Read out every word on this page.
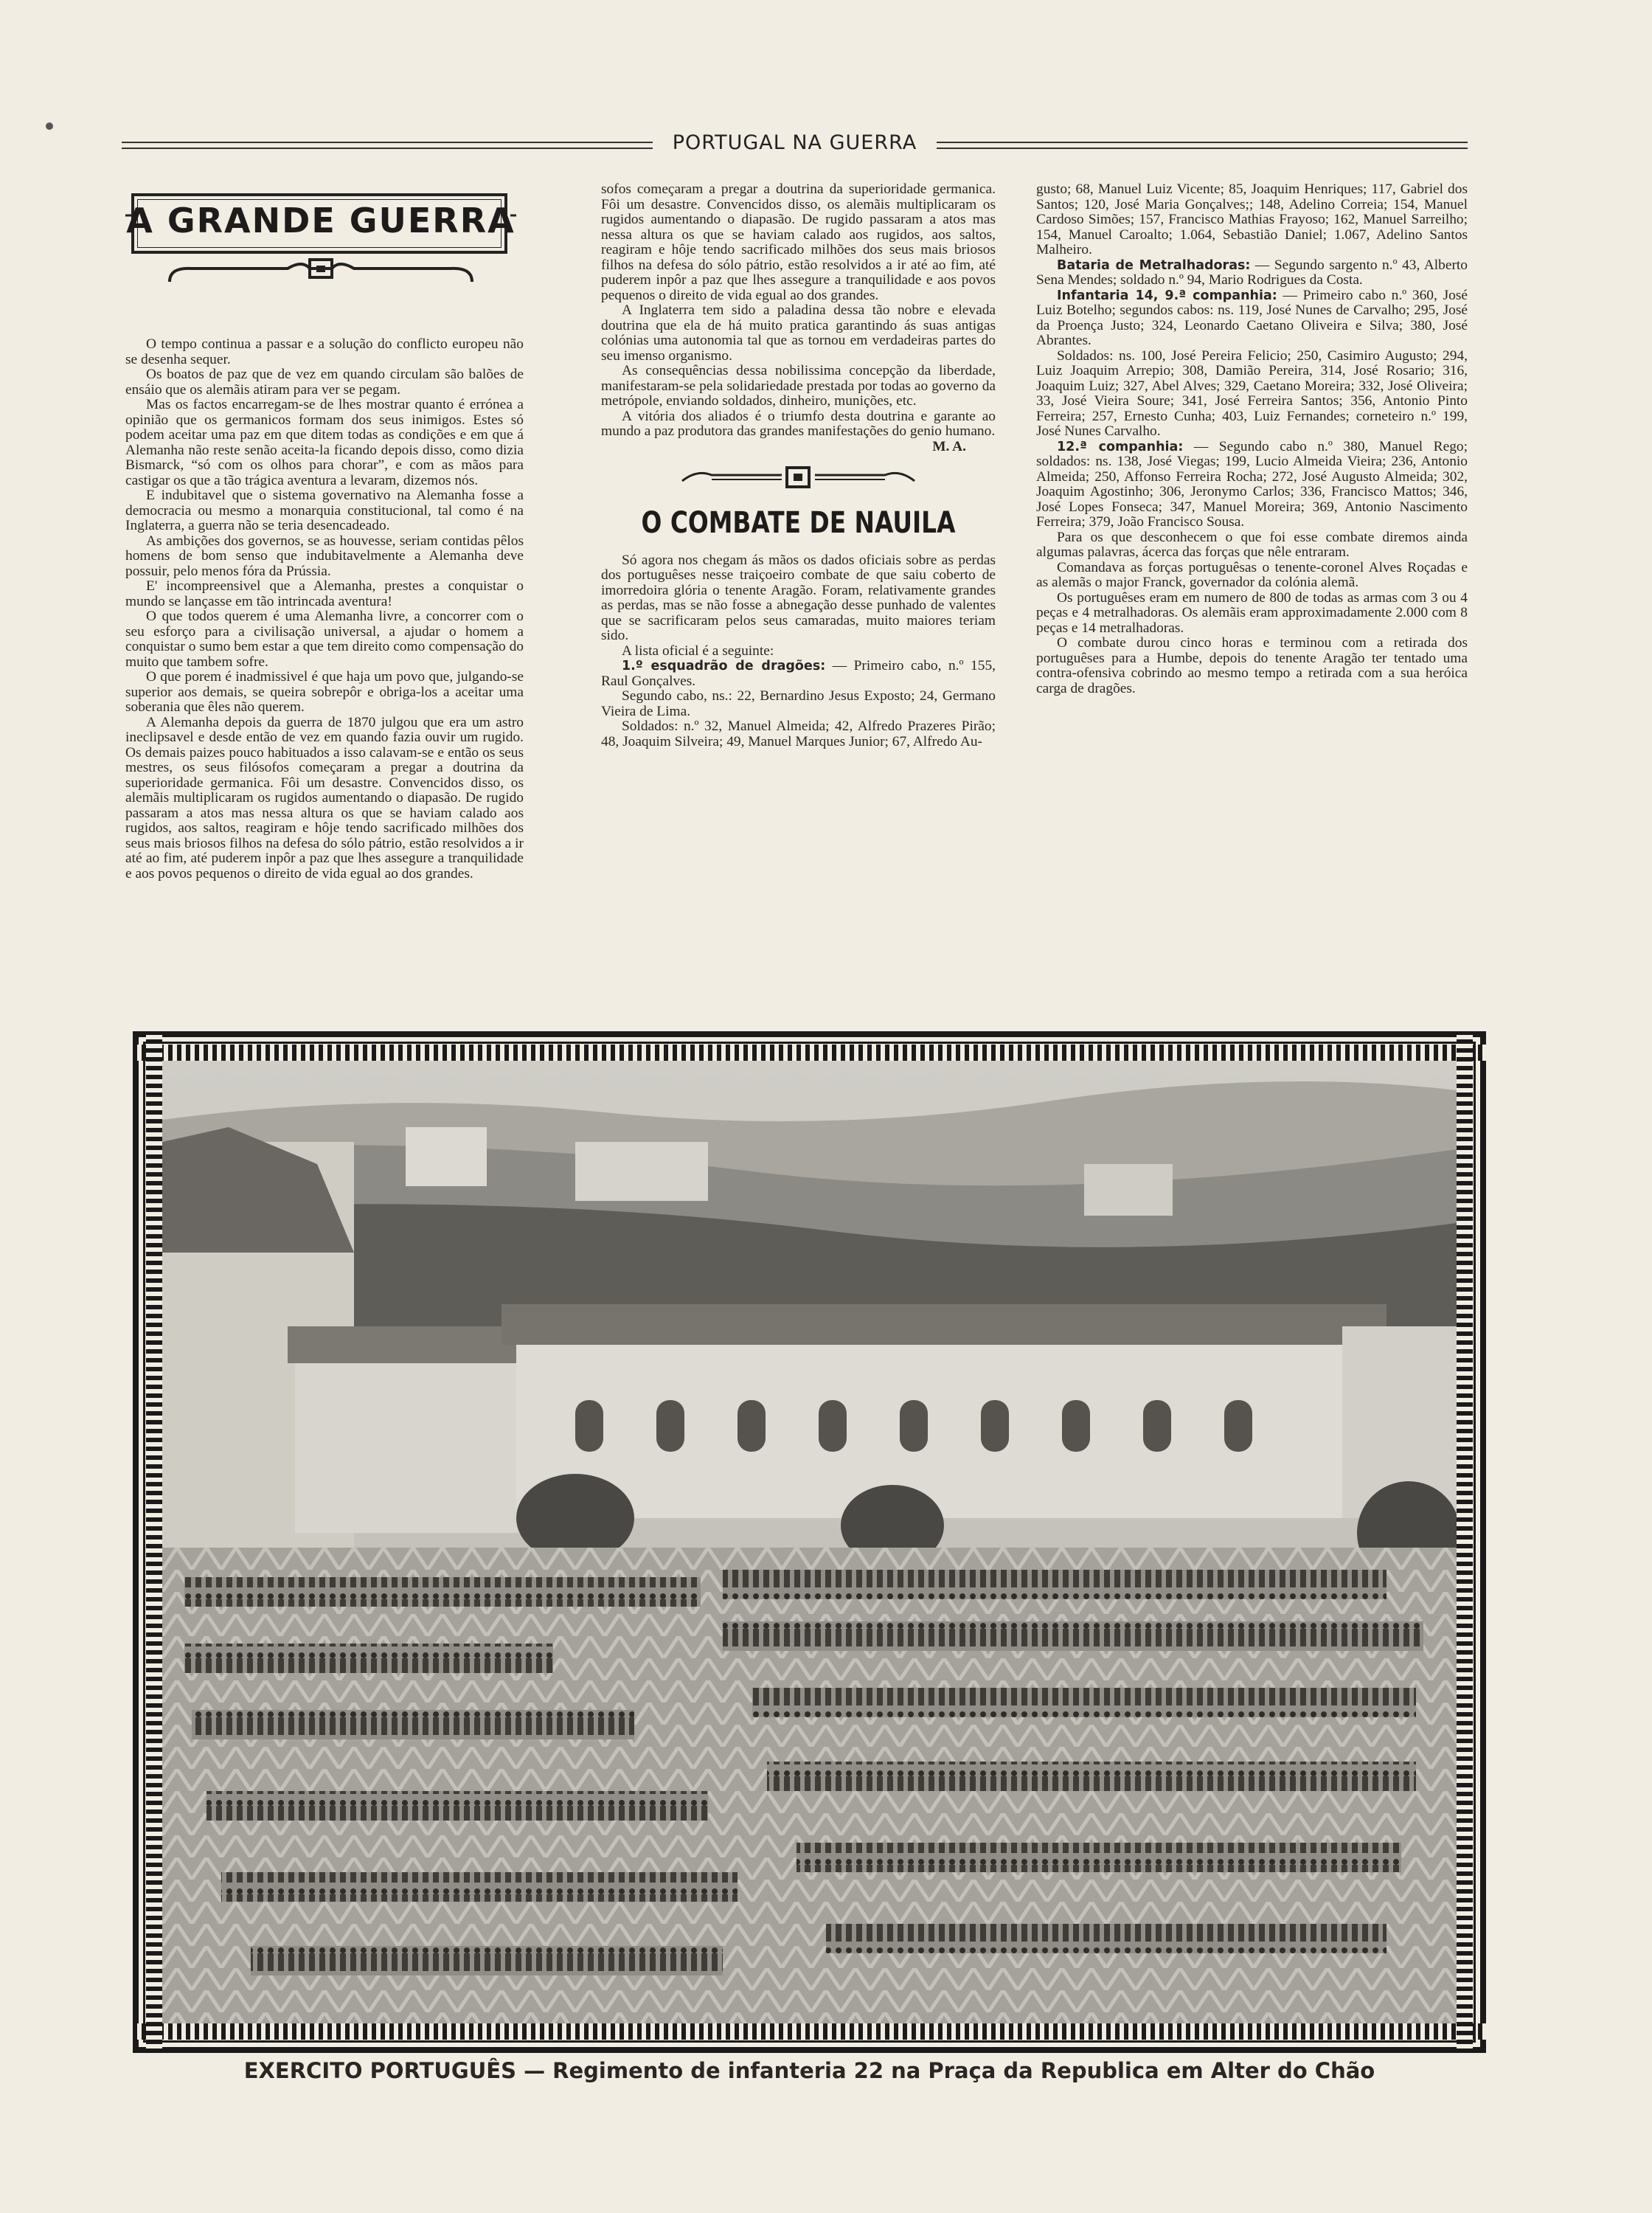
PORTUGAL NA GUERRA
A GRANDE GUERRA

O tempo continua a passar e a solução do conflicto europeu não se desenha sequer.

Os boatos de paz que de vez em quando circulam são balões de ensáio que os alemãis atiram para ver se pegam.

Mas os factos encarregam-se de lhes mostrar quanto é errónea a opinião que os germanicos formam dos seus inimigos. Estes só podem aceitar uma paz em que ditem todas as condições e em que á Alemanha não reste senão aceita-la ficando depois disso, como dizia Bismarck, “só com os olhos para chorar”, e com as mãos para castigar os que a tão trágica aventura a levaram, dizemos nós.

E indubitavel que o sistema governativo na Alemanha fosse a democracia ou mesmo a monarquia constitucional, tal como é na Inglaterra, a guerra não se teria desencadeado.

As ambições dos governos, se as houvesse, seriam contidas pêlos homens de bom senso que indubitavelmente a Alemanha deve possuir, pelo menos fóra da Prússia.

E' incompreensivel que a Alemanha, prestes a conquistar o mundo se lançasse em tão intrincada aventura!

O que todos querem é uma Alemanha livre, a concorrer com o seu esforço para a civilisação universal, a ajudar o homem a conquistar o sumo bem estar a que tem direito como compensação do muito que tambem sofre.

O que porem é inadmissivel é que haja um povo que, julgando-se superior aos demais, se queira sobrepôr e obriga-los a aceitar uma soberania que êles não querem.

A Alemanha depois da guerra de 1870 julgou que era um astro ineclipsavel e desde então de vez em quando fazia ouvir um rugido. Os demais paizes pouco habituados a isso calavam-se e então os seus mestres, os seus filósofos começaram a pregar a doutrina da superioridade germanica. Fôi um desastre. Convencidos disso, os alemãis multiplicaram os rugidos aumentando o diapasão. De rugido passaram a atos mas nessa altura os que se haviam calado aos rugidos, aos saltos, reagiram e hôje tendo sacrificado milhões dos seus mais briosos filhos na defesa do sólo pátrio, estão resolvidos a ir até ao fim, até puderem inpôr a paz que lhes assegure a tranquilidade e aos povos pequenos o direito de vida egual ao dos grandes.

sofos começaram a pregar a doutrina da superioridade germanica. Fôi um desastre. Convencidos disso, os alemãis multiplicaram os rugidos aumentando o diapasão. De rugido passaram a atos mas nessa altura os que se haviam calado aos rugidos, aos saltos, reagiram e hôje tendo sacrificado milhões dos seus mais briosos filhos na defesa do sólo pátrio, estão resolvidos a ir até ao fim, até puderem inpôr a paz que lhes assegure a tranquilidade e aos povos pequenos o direito de vida egual ao dos grandes.

A Inglaterra tem sido a paladina dessa tão nobre e elevada doutrina que ela de há muito pratica garantindo ás suas antigas colónias uma autonomia tal que as tornou em verdadeiras partes do seu imenso organismo.

As consequências dessa nobilissima concepção da liberdade, manifestaram-se pela solidariedade prestada por todas ao governo da metrópole, enviando soldados, dinheiro, munições, etc.

A vitória dos aliados é o triumfo desta doutrina e garante ao mundo a paz produtora das grandes manifestações do genio humano.

M. A.

O COMBATE DE NAUILA

Só agora nos chegam ás mãos os dados oficiais sobre as perdas dos portuguêses nesse traiçoeiro combate de que saiu coberto de imorredoira glória o tenente Aragão. Foram, relativamente grandes as perdas, mas se não fosse a abnegação desse punhado de valentes que se sacrificaram pelos seus camaradas, muito maiores teriam sido.

A lista oficial é a seguinte:

1.º esquadrão de dragões: — Primeiro cabo, n.º 155, Raul Gonçalves.

Segundo cabo, ns.: 22, Bernardino Jesus Exposto; 24, Germano Vieira de Lima.

Soldados: n.º 32, Manuel Almeida; 42, Alfredo Prazeres Pirão; 48, Joaquim Silveira; 49, Manuel Marques Junior; 67, Alfredo Au-

gusto; 68, Manuel Luiz Vicente; 85, Joaquim Henriques; 117, Gabriel dos Santos; 120, José Maria Gonçalves;; 148, Adelino Correia; 154, Manuel Cardoso Simões; 157, Francisco Mathias Frayoso; 162, Manuel Sarreilho; 154, Manuel Caroalto; 1.064, Sebastião Daniel; 1.067, Adelino Santos Malheiro.

Bataria de Metralhadoras: — Segundo sargento n.º 43, Alberto Sena Mendes; soldado n.º 94, Mario Rodrigues da Costa.

Infantaria 14, 9.ª companhia: — Primeiro cabo n.º 360, José Luiz Botelho; segundos cabos: ns. 119, José Nunes de Carvalho; 295, José da Proença Justo; 324, Leonardo Caetano Oliveira e Silva; 380, José Abrantes.

Soldados: ns. 100, José Pereira Felicio; 250, Casimiro Augusto; 294, Luiz Joaquim Arrepio; 308, Damião Pereira, 314, José Rosario; 316, Joaquim Luiz; 327, Abel Alves; 329, Caetano Moreira; 332, José Oliveira; 33, José Vieira Soure; 341, José Ferreira Santos; 356, Antonio Pinto Ferreira; 257, Ernesto Cunha; 403, Luiz Fernandes; corneteiro n.º 199, José Nunes Carvalho.

12.ª companhia: — Segundo cabo n.º 380, Manuel Rego; soldados: ns. 138, José Viegas; 199, Lucio Almeida Vieira; 236, Antonio Almeida; 250, Affonso Ferreira Rocha; 272, José Augusto Almeida; 302, Joaquim Agostinho; 306, Jeronymo Carlos; 336, Francisco Mattos; 346, José Lopes Fonseca; 347, Manuel Moreira; 369, Antonio Nascimento Ferreira; 379, João Francisco Sousa.

Para os que desconhecem o que foi esse combate diremos ainda algumas palavras, ácerca das forças que nêle entraram.

Comandava as forças portuguêsas o tenente-coronel Alves Roçadas e as alemãs o major Franck, governador da colónia alemã.

Os portuguêses eram em numero de 800 de todas as armas com 3 ou 4 peças e 4 metralhadoras. Os alemãis eram approximadamente 2.000 com 8 peças e 14 metralhadoras.

O combate durou cinco horas e terminou com a retirada dos portuguêses para a Humbe, depois do tenente Aragão ter tentado uma contra-ofensiva cobrindo ao mesmo tempo a retirada com a sua heróica carga de dragões.

EXERCITO PORTUGUÊS — Regimento de infanteria 22 na Praça da Republica em Alter do Chão
